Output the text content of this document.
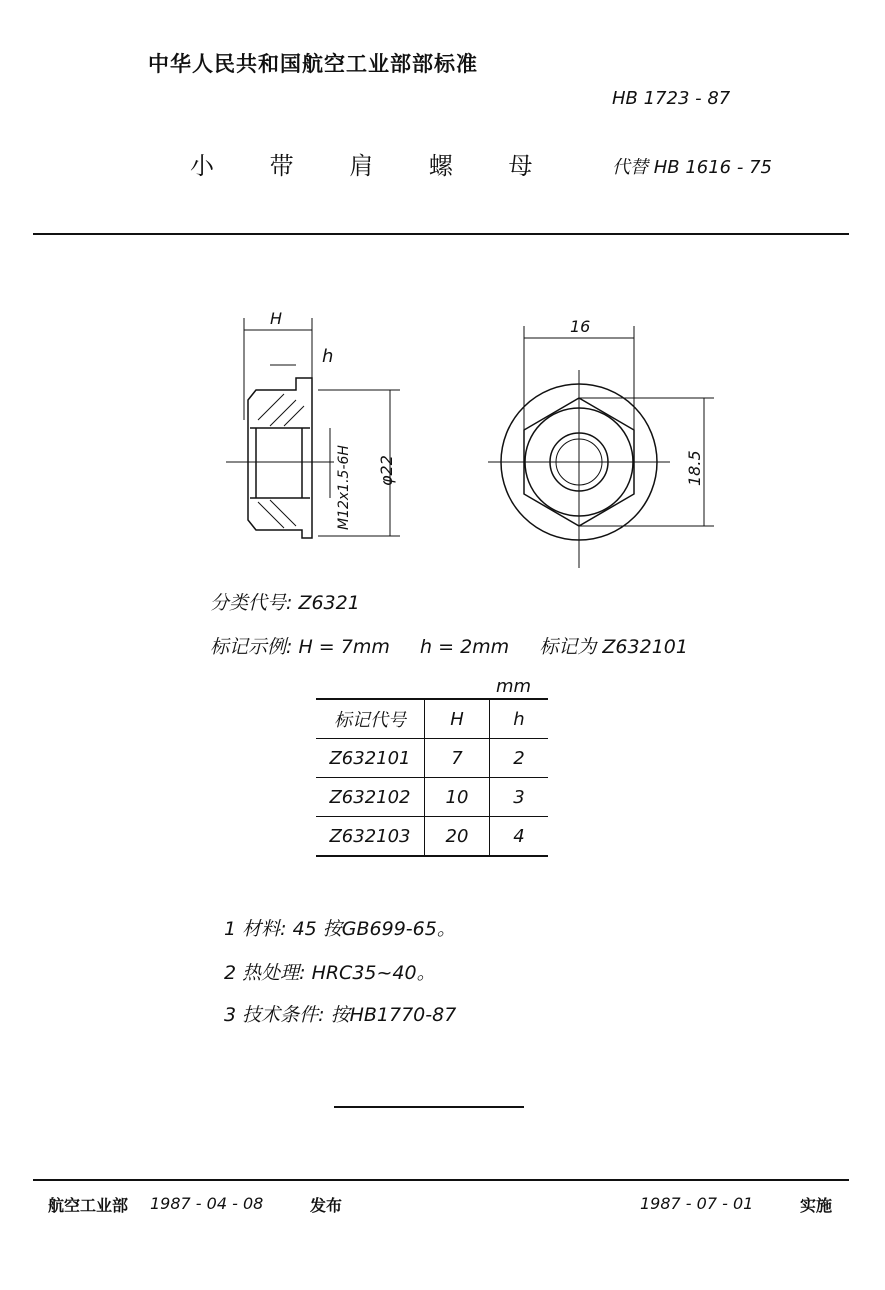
中华人民共和国航空工业部部标准
HB 1723 - 87
小 带 肩 螺 母	代替 HB 1616 - 75
H
h
M12x1.5-6H φ22
16
18.5
分类代号: Z6321
标记示例: H = 7mm     h = 2mm     标记为 Z632101
mm
标记代号	H	h
Z632101	7	2
Z632102	10	3
Z632103	20	4
1 材料: 45 按GB699-65。
2 热处理: HRC35~40。
3 技术条件: 按HB1770-87
航空工业部 1987 - 04 - 08	发布	1987 - 07 - 01	实施
